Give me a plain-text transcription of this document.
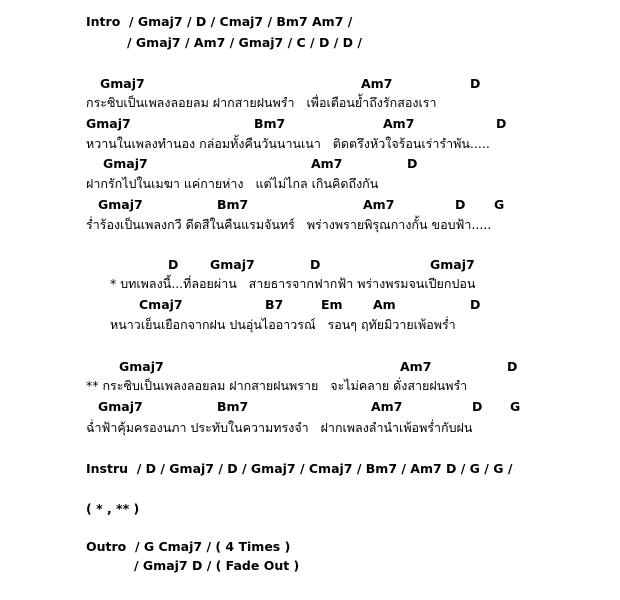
Intro  / Gmaj7 / D / Cmaj7 / Bm7 Am7 /
/ Gmaj7 / Am7 / Gmaj7 / C / D / D /
Gmaj7	Am7	D
กระซิบเป็นเพลงลอยลม ฝากสายฝนพรำ   เพื่อเตือนย้ำถึงรักสองเรา
Gmaj7	Bm7	Am7	D
หวานในเพลงทำนอง กล่อมทั้งคืนวันนานเนา   ติดตรึงหัวใจร้อนเร่ารำพัน.....
Gmaj7	Am7	D
ฝากรักไปในเมฆา แค่กายห่าง   แต่ไม่ไกล เกินคิดถึงกัน
Gmaj7	Bm7	Am7	D G
ร่ำร้องเป็นเพลงกวี ดีดสีในคืนแรมจันทร์   พร่างพรายพิรุณกางกั้น ขอบฟ้า.....
D	Gmaj7	D	Gmaj7
* บทเพลงนี้...ที่ลอยผ่าน   สายธารจากฟากฟ้า พร่างพรมจนเปียกปอน
Cmaj7	B7	Em Am	D
หนาวเย็นเยือกจากฝน ปนอุ่นไออาวรณ์   รอนๆ ฤทัยมิวายเพ้อพร่ำ
Gmaj7	Am7	D
** กระซิบเป็นเพลงลอยลม ฝากสายฝนพราย   จะไม่คลาย ดั่งสายฝนพรำ
Gmaj7	Bm7	Am7	D G
ฉ่ำฟ้าคุ้มครองนภา ประทับในความทรงจำ   ฝากเพลงลำนำเพ้อพร่ำกับฝน
Instru  / D / Gmaj7 / D / Gmaj7 / Cmaj7 / Bm7 / Am7 D / G / G /
( * , ** )
Outro  / G Cmaj7 / ( 4 Times )
/ Gmaj7 D / ( Fade Out )
